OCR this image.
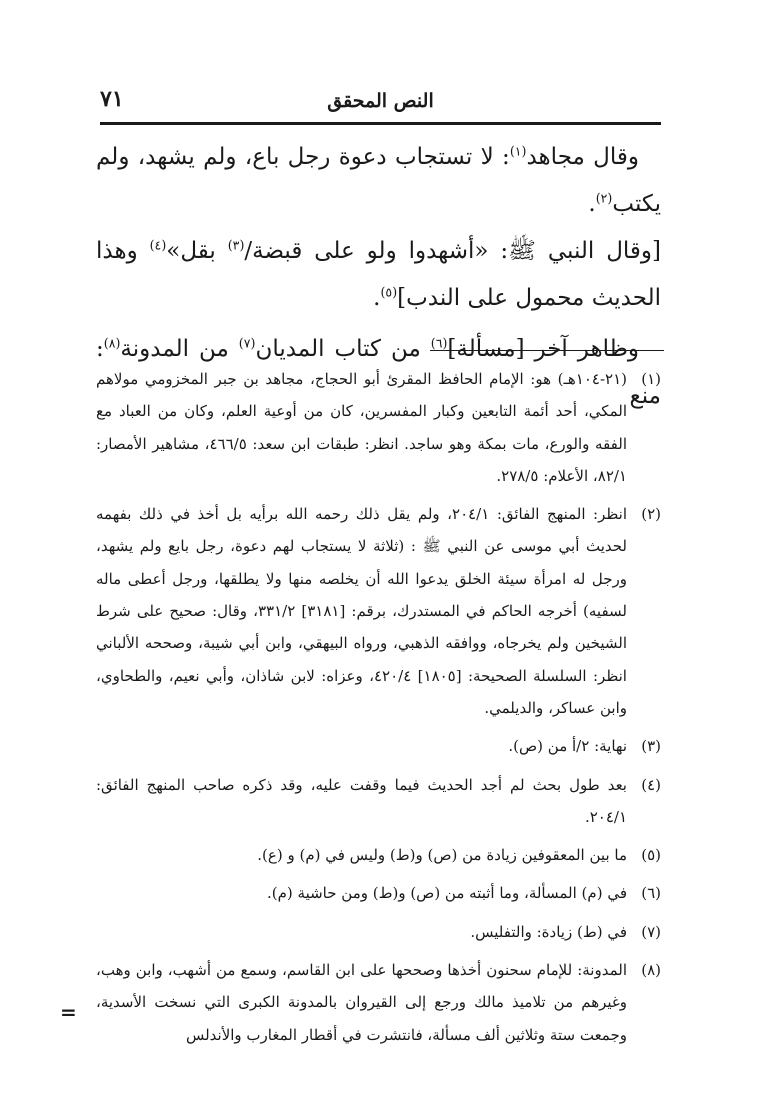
النص المحقق
٧١

وقال مجاهد$^{(١)}$: لا تستجاب دعوة رجل باع، ولم يشهد، ولم يكتب$^{(٢)}$.

[وقال النبي ﷺ: «أشهدوا ولو على قبضة/$^{(٣)}$ بقل»$^{(٤)}$ وهذا الحديث محمول على الندب]$^{(٥)}$.

وظاهر آخر [مسألة]$^{(٦)}$ من كتاب المديان$^{(٧)}$ من المدونة$^{(٨)}$: منع

(١)
(٢١-١٠٤هـ) هو: الإمام الحافظ المقرئ أبو الحجاج، مجاهد بن جبر المخزومي مولاهم المكي، أحد أئمة التابعين وكبار المفسرين، كان من أوعية العلم، وكان من العباد مع الفقه والورع، مات بمكة وهو ساجد. انظر: طبقات ابن سعد: ٤٦٦/٥، مشاهير الأمصار: ٨٢/١، الأعلام: ٢٧٨/٥.
(٢)
انظر: المنهج الفائق: ٢٠٤/١، ولم يقل ذلك رحمه الله برأيه بل أخذ في ذلك بفهمه لحديث أبي موسى عن النبي ﷺ : (ثلاثة لا يستجاب لهم دعوة، رجل بايع ولم يشهد، ورجل له امرأة سيئة الخلق يدعوا الله أن يخلصه منها ولا يطلقها، ورجل أعطى ماله لسفيه) أخرجه الحاكم في المستدرك، برقم: [٣١٨١] ٣٣١/٢، وقال: صحيح على شرط الشيخين ولم يخرجاه، ووافقه الذهبي، ورواه البيهقي، وابن أبي شيبة، وصححه الألباني انظر: السلسلة الصحيحة: [١٨٠٥] ٤٢٠/٤، وعزاه: لابن شاذان، وأبي نعيم، والطحاوي، وابن عساكر، والديلمي.
(٣)
نهاية: ٢/أ من (ص).
(٤)
بعد طول بحث لم أجد الحديث فيما وقفت عليه، وقد ذكره صاحب المنهج الفائق: ٢٠٤/١.
(٥)
ما بين المعقوفين زيادة من (ص) و(ط) وليس في (م) و (ع).
(٦)
في (م) المسألة، وما أثبته من (ص) و(ط) ومن حاشية (م).
(٧)
في (ط) زيادة: والتفليس.
(٨)
المدونة: للإمام سحنون أخذها وصححها على ابن القاسم، وسمع من أشهب، وابن وهب، وغيرهم من تلاميذ مالك ورجع إلى القيروان بالمدونة الكبرى التي نسخت الأسدية، وجمعت ستة وثلاثين ألف مسألة، فانتشرت في أقطار المغارب والأندلس
=
